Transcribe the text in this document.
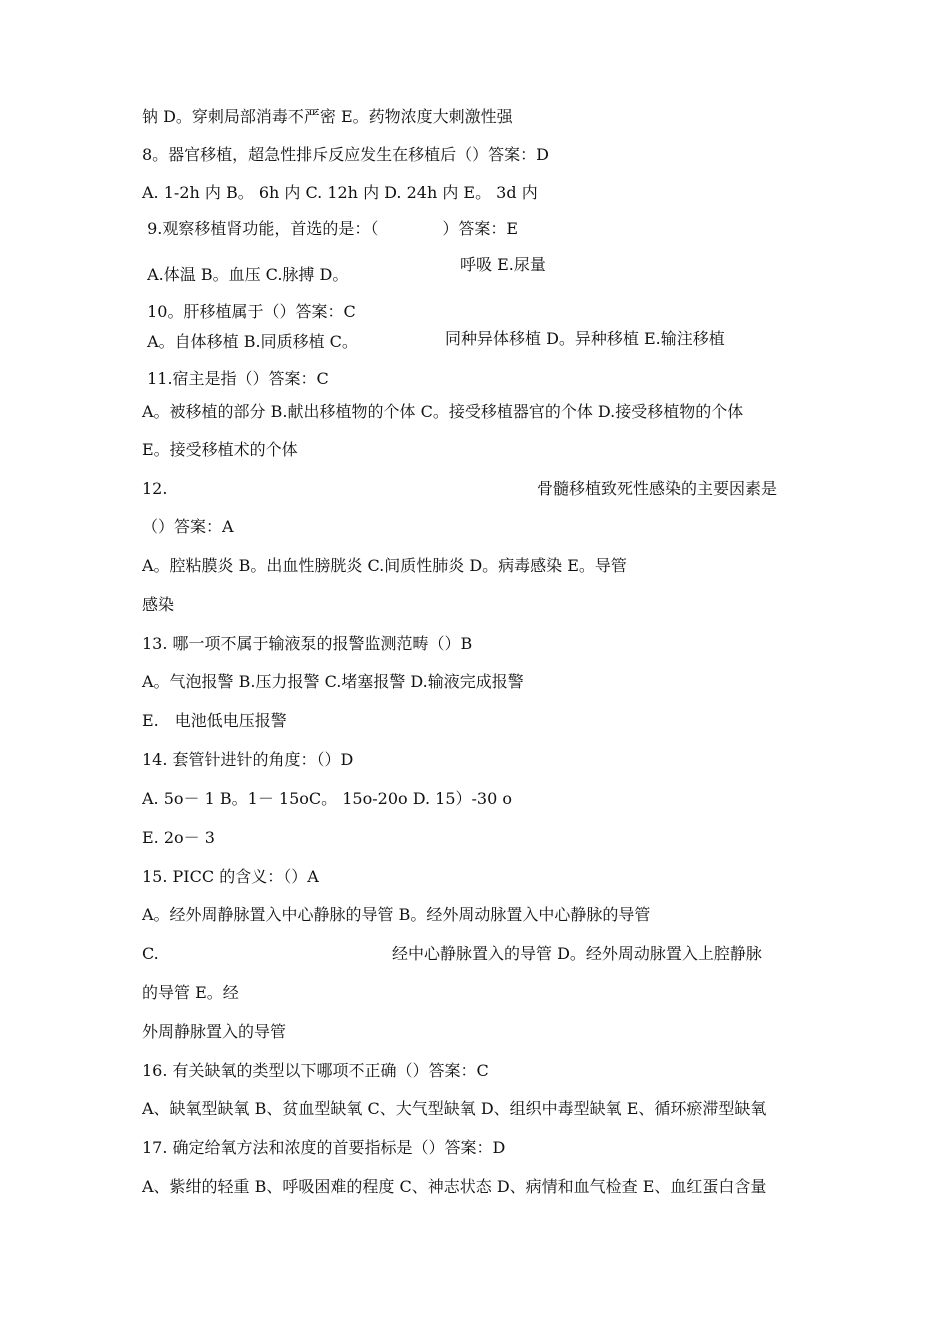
钠 D。穿刺局部消毒不严密 E。药物浓度大刺激性强
8。器官移植，超急性排斥反应发生在移植后（）答案：D
A. 1-2h 内 B。 6h 内 C. 12h 内 D. 24h 内 E。 3d 内
9.观察移植肾功能，首选的是：（　　　　）答案：E
A.体温 B。血压 C.脉搏 D。
呼吸 E.尿量
10。肝移植属于（）答案：C
A。自体移植 B.同质移植 C。	同种异体移植 D。异种移植 E.输注移植
11.宿主是指（）答案：C
A。被移植的部分 B.献出移植物的个体 C。接受移植器官的个体 D.接受移植物的个体
E。接受移植术的个体
12.	骨髓移植致死性感染的主要因素是
（）答案：A
A。腔粘膜炎 B。出血性膀胱炎 C.间质性肺炎 D。病毒感染 E。导管
感染
13. 哪一项不属于输液泵的报警监测范畴（）B
A。气泡报警 B.压力报警 C.堵塞报警 D.输液完成报警
E.　电池低电压报警
14. 套管针进针的角度：（）D
A. 5o－ 1 B。1－ 15oC。 15o-20o D. 15）-30 o
E. 2o－ 3
15. PICC 的含义：（）A
A。经外周静脉置入中心静脉的导管 B。经外周动脉置入中心静脉的导管
C.	经中心静脉置入的导管 D。经外周动脉置入上腔静脉
的导管 E。经
外周静脉置入的导管
16. 有关缺氧的类型以下哪项不正确（）答案：C
A、缺氧型缺氧 B、贫血型缺氧 C、大气型缺氧 D、组织中毒型缺氧 E、循环瘀滞型缺氧
17. 确定给氧方法和浓度的首要指标是（）答案：D
A、紫绀的轻重 B、呼吸困难的程度 C、神志状态 D、病情和血气检查 E、血红蛋白含量
